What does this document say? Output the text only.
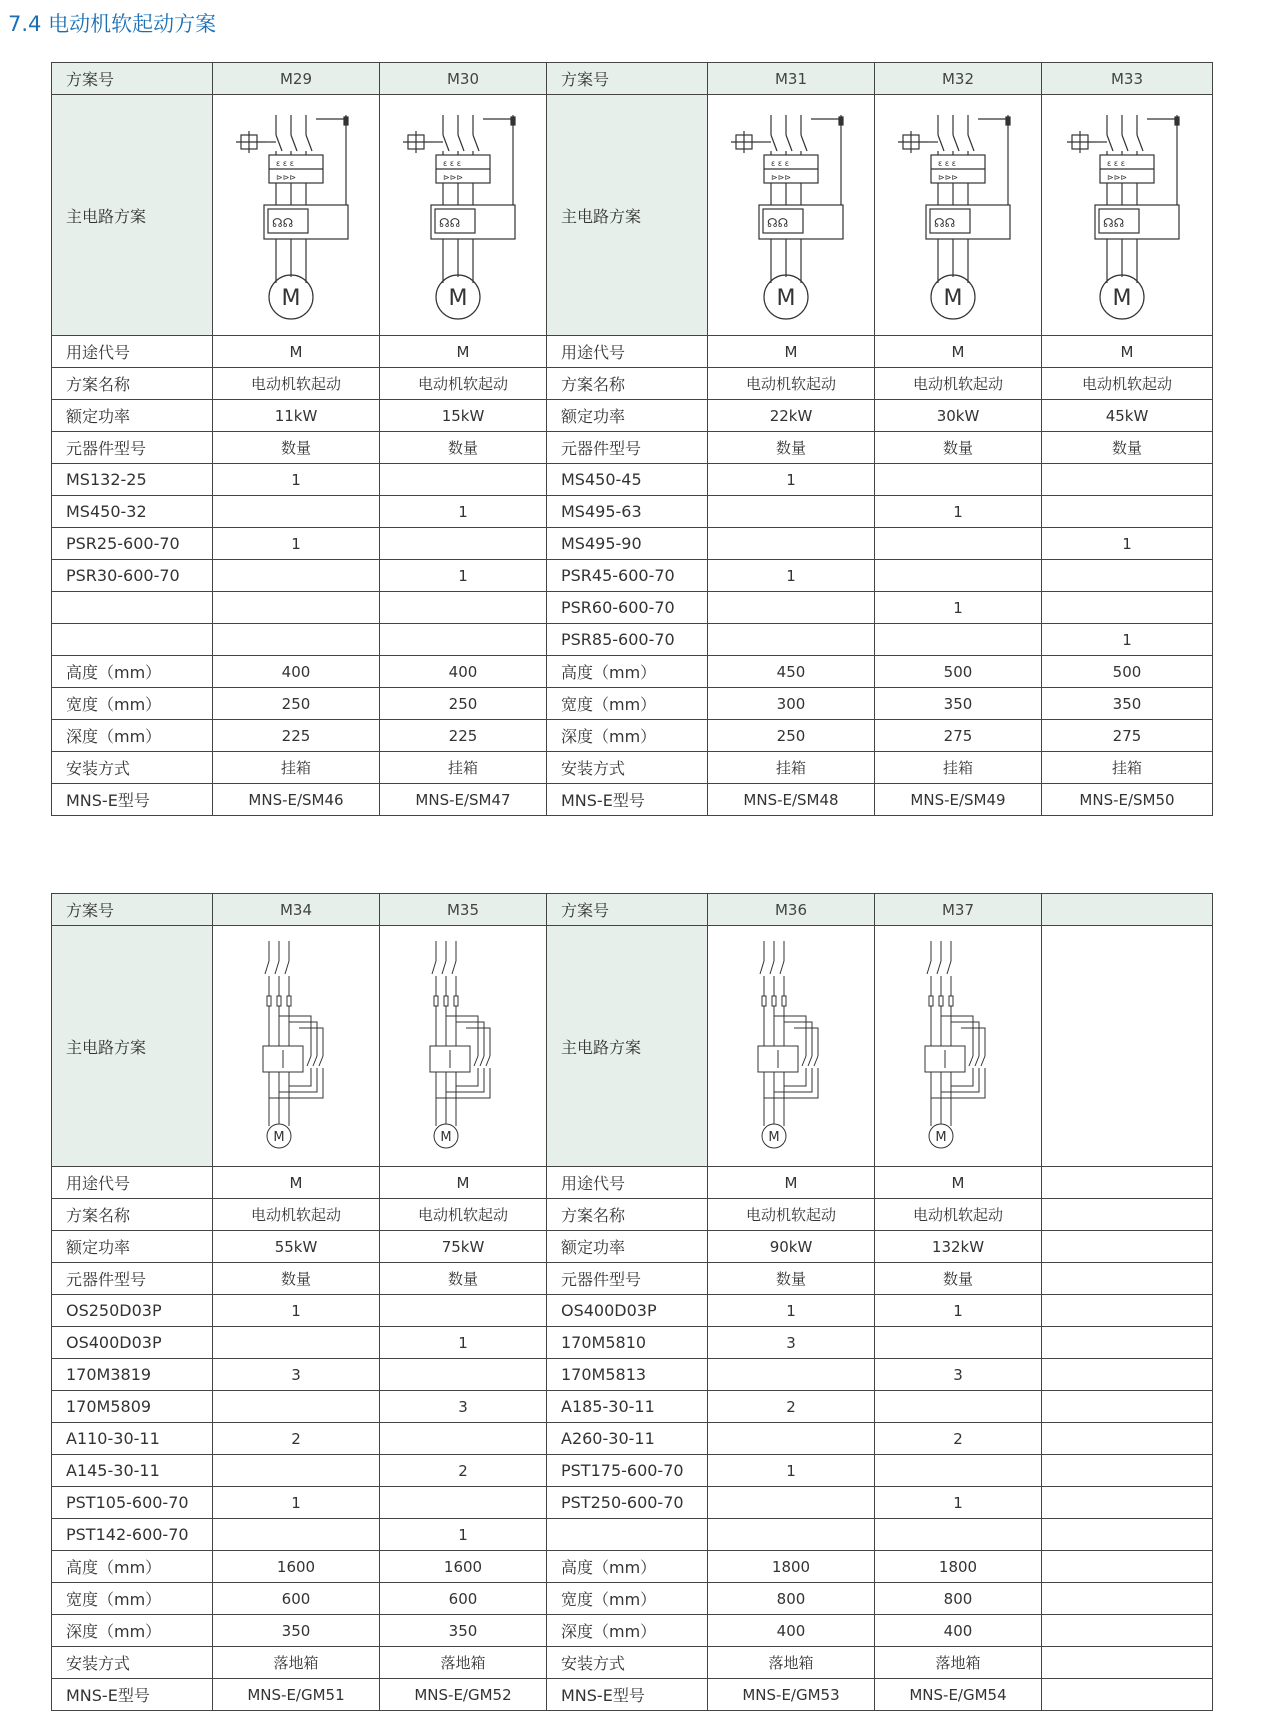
7.4 电动机软起动方案
方案号	M29	M30	方案号	M31	M32	M33
主电路方案	ε ε ε
⊳⊳⊳
☊☊
M	ε ε ε
⊳⊳⊳
☊☊
M	主电路方案	ε ε ε
⊳⊳⊳
☊☊
M	ε ε ε
⊳⊳⊳
☊☊
M	ε ε ε
⊳⊳⊳
☊☊
M

用途代号	M	M	用途代号	M	M	M
方案名称	电动机软起动	电动机软起动	方案名称	电动机软起动	电动机软起动	电动机软起动
额定功率	11kW	15kW	额定功率	22kW	30kW	45kW
元器件型号	数量	数量	元器件型号	数量	数量	数量
MS132-25	1		MS450-45	1		
MS450-32		1	MS495-63		1	
PSR25-600-70	1		MS495-90			1
PSR30-600-70		1	PSR45-600-70	1		
			PSR60-600-70		1	
			PSR85-600-70			1
高度（mm）	400	400	高度（mm）	450	500	500
宽度（mm）	250	250	宽度（mm）	300	350	350
深度（mm）	225	225	深度（mm）	250	275	275
安装方式	挂箱	挂箱	安装方式	挂箱	挂箱	挂箱
MNS-E型号	MNS-E/SM46	MNS-E/SM47	MNS-E型号	MNS-E/SM48	MNS-E/SM49	MNS-E/SM50
方案号	M34	M35	方案号	M36	M37	
主电路方案	M	M	主电路方案	M	M	

用途代号	M	M	用途代号	M	M	
方案名称	电动机软起动	电动机软起动	方案名称	电动机软起动	电动机软起动	
额定功率	55kW	75kW	额定功率	90kW	132kW	
元器件型号	数量	数量	元器件型号	数量	数量	
OS250D03P	1		OS400D03P	1	1	
OS400D03P		1	170M5810	3		
170M3819	3		170M5813		3	
170M5809		3	A185-30-11	2		
A110-30-11	2		A260-30-11		2	
A145-30-11		2	PST175-600-70	1		
PST105-600-70	1		PST250-600-70		1	
PST142-600-70		1				
高度（mm）	1600	1600	高度（mm）	1800	1800	
宽度（mm）	600	600	宽度（mm）	800	800	
深度（mm）	350	350	深度（mm）	400	400	
安装方式	落地箱	落地箱	安装方式	落地箱	落地箱	
MNS-E型号	MNS-E/GM51	MNS-E/GM52	MNS-E型号	MNS-E/GM53	MNS-E/GM54	
